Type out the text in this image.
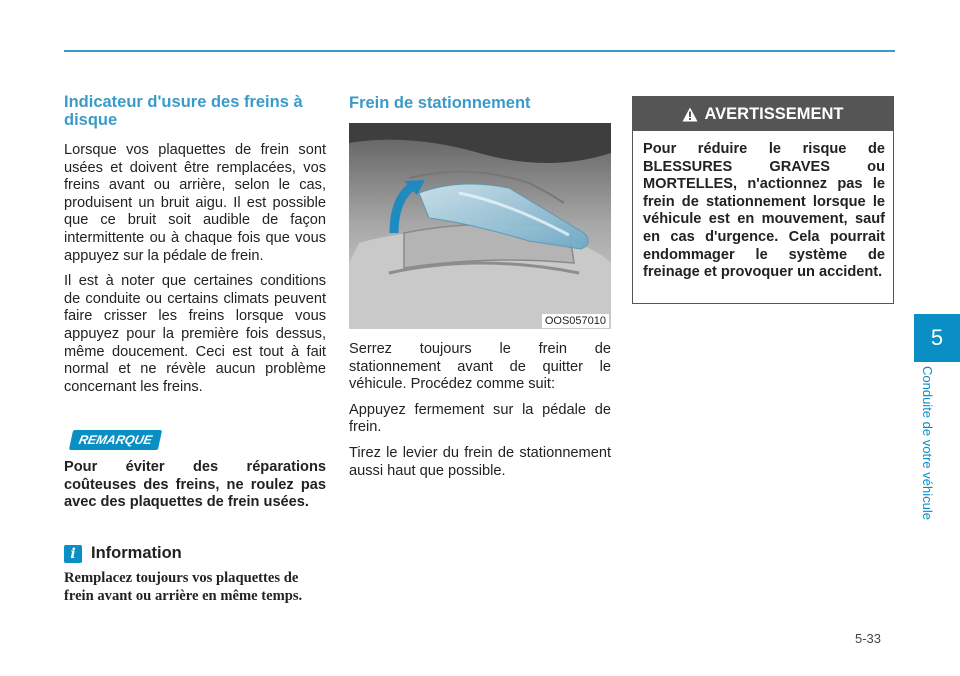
Indicateur d'usure des freins à disque

Lorsque vos plaquettes de frein sont usées et doivent être remplacées, vos freins avant ou arrière, selon le cas, produisent un bruit aigu. Il est possible que ce bruit soit audible de façon intermittente ou à chaque fois que vous appuyez sur la pédale de frein.

Il est à noter que certaines conditions de conduite ou certains climats peuvent faire crisser les freins lorsque vous appuyez pour la première fois dessus, même doucement. Ceci est tout à fait normal et ne révèle aucun problème concernant les freins.

REMARQUE

Pour éviter des réparations coûteuses des freins, ne roulez pas avec des plaquettes de frein usées.

i Information

Remplacez toujours vos plaquettes de frein avant ou arrière en même temps.

Frein de stationnement
OOS057010

Serrez toujours le frein de stationnement avant de quitter le véhicule. Procédez comme suit:

Appuyez fermement sur la pédale de frein.

Tirez le levier du frein de stationnement aussi haut que possible.

AVERTISSEMENT

Pour réduire le risque de BLESSURES GRAVES ou MORTELLES, n'actionnez pas le frein de stationnement lorsque le véhicule est en mouvement, sauf en cas d'urgence. Cela pourrait endommager le système de freinage et provoquer un accident.

5
Conduite de votre véhicule
5-33
